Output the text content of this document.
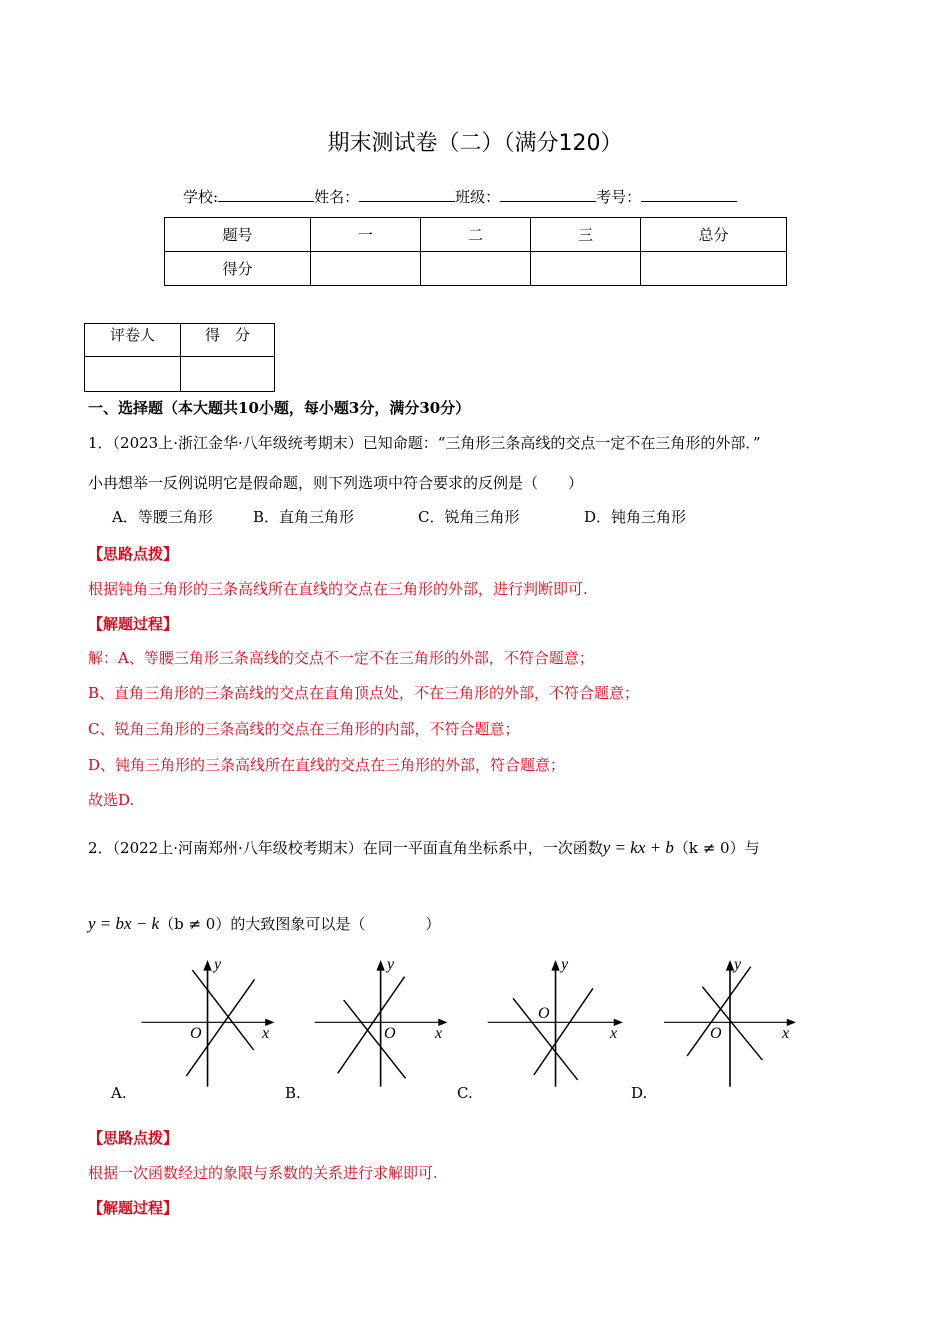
期末测试卷（二）（满分120）
学校:	姓名：	班级：	考号：
题号	一	二	三	总分
得分				
评卷人	得　分

一、选择题（本大题共10小题，每小题3分，满分30分）
1．（2023上·浙江金华·八年级统考期末）已知命题：“三角形三条高线的交点一定不在三角形的外部．”
小冉想举一反例说明它是假命题，则下列选项中符合要求的反例是（　　）
A．等腰三角形	B．直角三角形	C．锐角三角形	D．钝角三角形
【思路点拨】
根据钝角三角形的三条高线所在直线的交点在三角形的外部，进行判断即可.
【解题过程】
解：A、等腰三角形三条高线的交点不一定不在三角形的外部，不符合题意；
B、直角三角形的三条高线的交点在直角顶点处，不在三角形的外部，不符合题意；
C、锐角三角形的三条高线的交点在三角形的内部，不符合题意；
D、钝角三角形的三条高线所在直线的交点在三角形的外部，符合题意；
故选D.
2．（2022上·河南郑州·八年级校考期末）在同一平面直角坐标系中，一次函数y = kx + b（k ≠ 0）与
y = bx − k（b ≠ 0）的大致图象可以是（　　　　）
y
O	x
A.
y
O x
B.
y
O
x
C.
y
O	x
D.
【思路点拨】
根据一次函数经过的象限与系数的关系进行求解即可.
【解题过程】
